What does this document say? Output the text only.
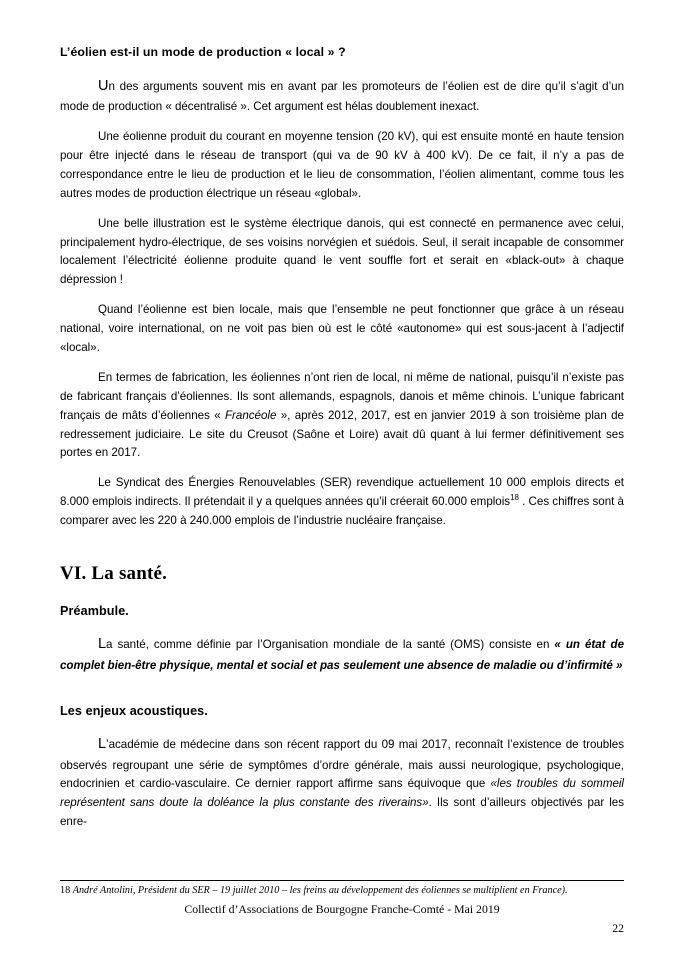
L’éolien est-il un mode de production « local » ?

Un des arguments souvent mis en avant par les promoteurs de l’éolien est de dire qu’il s’agit d’un mode de production « décentralisé ». Cet argument est hélas doublement inexact.

Une éolienne produit du courant en moyenne tension (20 kV), qui est ensuite monté en haute tension pour être injecté dans le réseau de transport (qui va de 90 kV à 400 kV). De ce fait, il n’y a pas de correspondance entre le lieu de production et le lieu de consommation, l’éolien alimentant, comme tous les autres modes de production électrique un réseau «global».

Une belle illustration est le système électrique danois, qui est connecté en permanence avec celui, principalement hydro-électrique, de ses voisins norvégien et suédois. Seul, il serait incapable de consommer localement l’électricité éolienne produite quand le vent souffle fort et serait en «black-out» à chaque dépression !

Quand l’éolienne est bien locale, mais que l’ensemble ne peut fonctionner que grâce à un réseau national, voire international, on ne voit pas bien où est le côté «autonome» qui est sous-jacent à l’adjectif «local».

En termes de fabrication, les éoliennes n’ont rien de local, ni même de national, puisqu’il n’existe pas de fabricant français d’éoliennes. Ils sont allemands, espagnols, danois et même chinois. L’unique fabricant français de mâts d’éoliennes « Francéole », après 2012, 2017, est en janvier 2019 à son troisième plan de redressement judiciaire. Le site du Creusot (Saône et Loire) avait dû quant à lui fermer définitivement ses portes en 2017.

Le Syndicat des Énergies Renouvelables (SER) revendique actuellement 10 000 emplois directs et 8.000 emplois indirects. Il prétendait il y a quelques années qu’il créerait 60.000 emplois$^{18}$ . Ces chiffres sont à comparer avec les 220 à 240.000 emplois de l’industrie nucléaire française.

VI. La santé.
Préambule.

La santé, comme définie par l’Organisation mondiale de la santé (OMS) consiste en « un état de complet bien-être physique, mental et social et pas seulement une absence de maladie ou d’infirmité »

Les enjeux acoustiques.

L’académie de médecine dans son récent rapport du 09 mai 2017, reconnaît l’existence de troubles observés regroupant une série de symptômes d’ordre générale, mais aussi neurologique, psychologique, endocrinien et cardio-vasculaire. Ce dernier rapport affirme sans équivoque que «les troubles du sommeil représentent sans doute la doléance la plus constante des riverains». Ils sont d’ailleurs objectivés par les enre-

18 André Antolini, Président du SER – 19 juillet 2010 – les freins au développement des éoliennes se multiplient en France).

Collectif d’Associations de Bourgogne Franche-Comté - Mai 2019
22
